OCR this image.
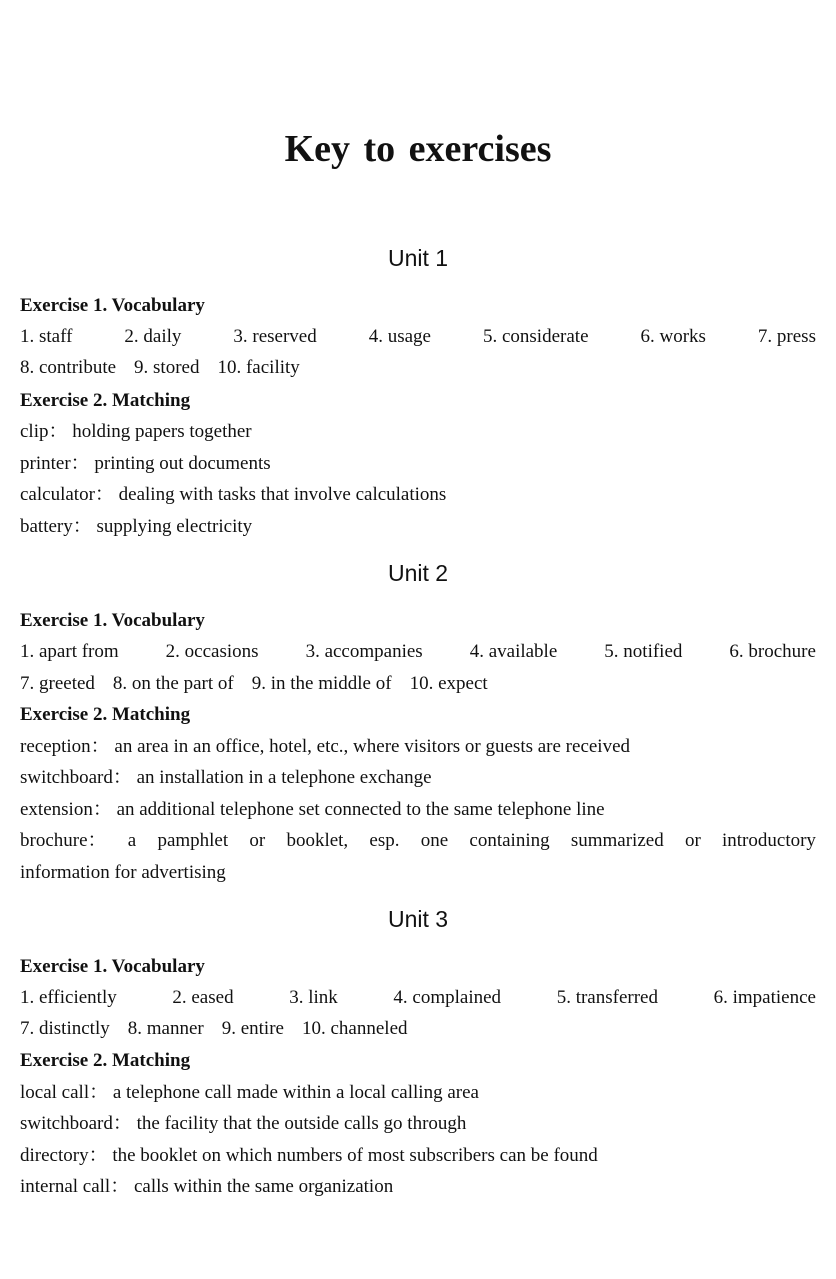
Key to exercises
Unit 1
Exercise 1. Vocabulary
1. staff	2. daily	3. reserved	4. usage	5. considerate	6. works	7. press
8. contribute 9. stored 10. facility
Exercise 2. Matching
clip： holding papers together
printer： printing out documents
calculator： dealing with tasks that involve calculations
battery： supplying electricity
Unit 2
Exercise 1. Vocabulary
1. apart from 2. occasions 3. accompanies 4. available 5. notified 6. brochure
7. greeted 8. on the part of 9. in the middle of 10. expect
Exercise 2. Matching
reception： an area in an office, hotel, etc., where visitors or guests are received
switchboard： an installation in a telephone exchange
extension： an additional telephone set connected to the same telephone line
brochure： a pamphlet or booklet, esp. one containing summarized or introductory
information for advertising
Unit 3
Exercise 1. Vocabulary
1. efficiently	2. eased	3. link	4. complained	5. transferred	6. impatience
7. distinctly 8. manner 9. entire 10. channeled
Exercise 2. Matching
local call： a telephone call made within a local calling area
switchboard： the facility that the outside calls go through
directory： the booklet on which numbers of most subscribers can be found
internal call： calls within the same organization
